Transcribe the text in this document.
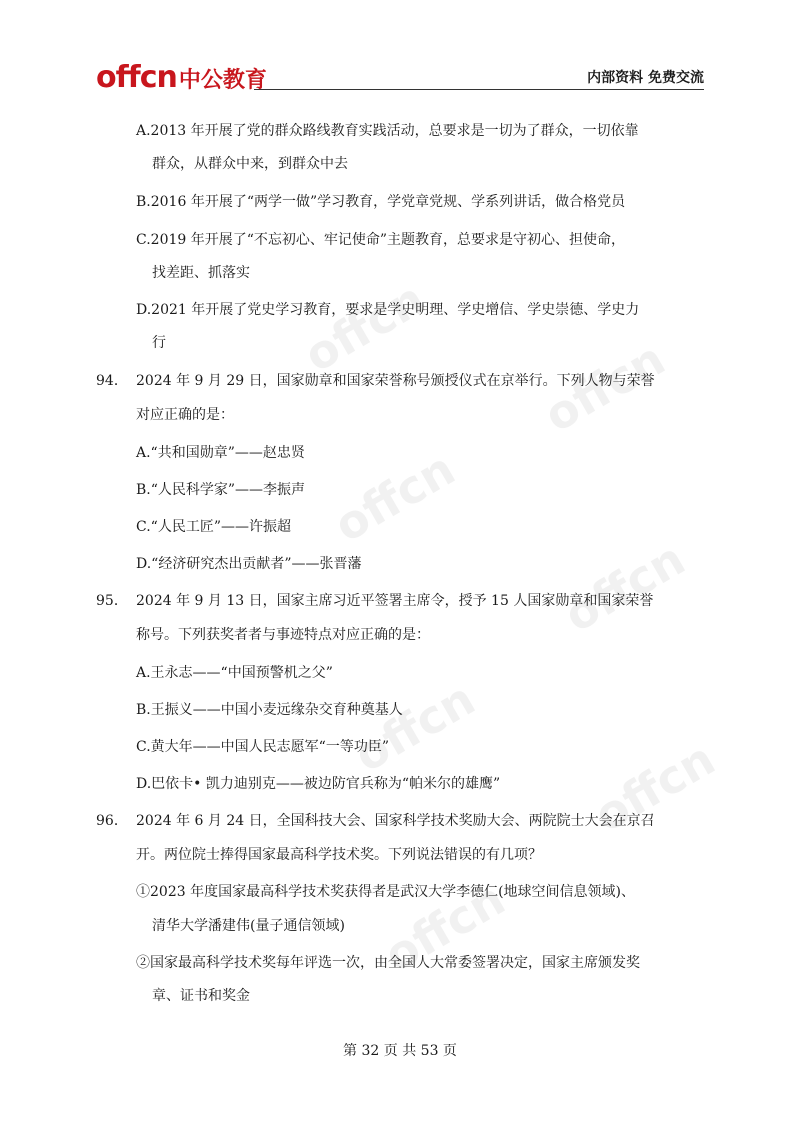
offcn 中公教育	内部资料 免费交流
offcn
offcn
offcn
offcn
offcn
offcn
offcn
A.2013 年开展了党的群众路线教育实践活动，总要求是一切为了群众，一切依靠
群众，从群众中来，到群众中去
B.2016 年开展了“两学一做”学习教育，学党章党规、学系列讲话，做合格党员
C.2019 年开展了“不忘初心、牢记使命”主题教育，总要求是守初心、担使命，
找差距、抓落实
D.2021 年开展了党史学习教育，要求是学史明理、学史增信、学史崇德、学史力
行
94． 2024 年 9 月 29 日，国家勋章和国家荣誉称号颁授仪式在京举行。下列人物与荣誉
对应正确的是：
A.“共和国勋章”——赵忠贤
B.“人民科学家”——李振声
C.“人民工匠”——许振超
D.“经济研究杰出贡献者”——张晋藩
95． 2024 年 9 月 13 日，国家主席习近平签署主席令，授予 15 人国家勋章和国家荣誉
称号。下列获奖者者与事迹特点对应正确的是：
A.王永志——“中国预警机之父”
B.王振义——中国小麦远缘杂交育种奠基人
C.黄大年——中国人民志愿军“一等功臣”
D.巴依卡• 凯力迪别克——被边防官兵称为“帕米尔的雄鹰”
96． 2024 年 6 月 24 日，全国科技大会、国家科学技术奖励大会、两院院士大会在京召
开。两位院士捧得国家最高科学技术奖。下列说法错误的有几项？
①2023 年度国家最高科学技术奖获得者是武汉大学李德仁(地球空间信息领域)、
清华大学潘建伟(量子通信领域)
②国家最高科学技术奖每年评选一次，由全国人大常委签署决定，国家主席颁发奖
章、证书和奖金
第 32 页 共 53 页
